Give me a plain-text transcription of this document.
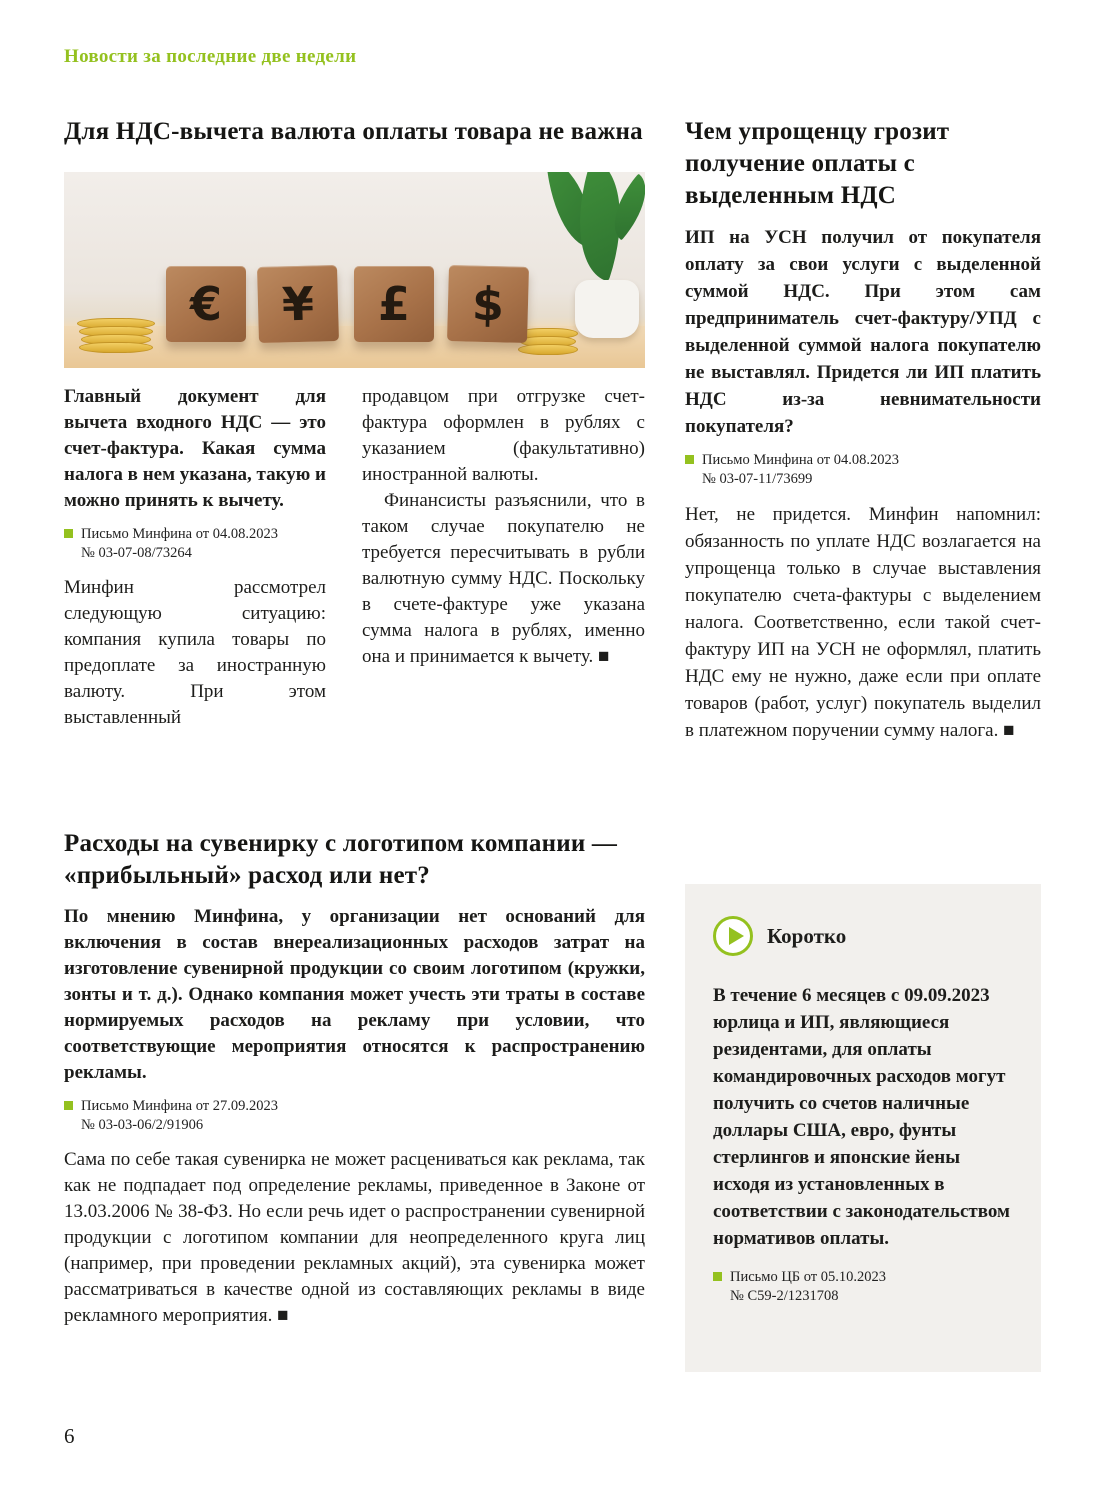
Новости за последние две недели
Для НДС-вычета валюта оплаты товара не важна
€ ¥ £ $

Главный документ для вычета входного НДС — это счет-фактура. Какая сумма налога в нем указана, такую и можно принять к вычету.

Письмо Минфина от 04.08.2023
№ 03-07-08/73264

Минфин рассмотрел следующую ситуацию: компания купила товары по предоплате за иностранную валюту. При этом выставленный

продавцом при отгрузке счет-фактура оформлен в рублях с указанием (факультативно) иностранной валюты.

Финансисты разъяснили, что в таком случае покупателю не требуется пересчитывать в рубли валютную сумму НДС. Поскольку в счете-фактуре уже указана сумма налога в рублях, именно она и принимается к вычету. ■

Расходы на сувенирку с логотипом компании — «прибыльный» расход или нет?

По мнению Минфина, у организации нет оснований для включения в состав внереализационных расходов затрат на изготовление сувенирной продукции со своим логотипом (кружки, зонты и т. д.). Однако компания может учесть эти траты в составе нормируемых расходов на рекламу при условии, что соответствующие мероприятия относятся к распространению рекламы.

Письмо Минфина от 27.09.2023
№ 03-03-06/2/91906

Сама по себе такая сувенирка не может расцениваться как реклама, так как не подпадает под определение рекламы, приведенное в Законе от 13.03.2006 № 38-ФЗ. Но если речь идет о распространении сувенирной продукции с логотипом компании для неопределенного круга лиц (например, при проведении рекламных акций), эта сувенирка может рассматриваться в качестве одной из составляющих рекламы в виде рекламного мероприятия. ■

Чем упрощенцу грозит получение оплаты с выделенным НДС

ИП на УСН получил от покупателя оплату за свои услуги с выделенной суммой НДС. При этом сам предприниматель счет-фактуру/УПД с выделенной суммой налога покупателю не выставлял. Придется ли ИП платить НДС из-за невнимательности покупателя?

Письмо Минфина от 04.08.2023
№ 03-07-11/73699

Нет, не придется. Минфин напомнил: обязанность по уплате НДС возлагается на упрощенца только в случае выставления покупателю счета-фактуры с выделением налога. Соответственно, если такой счет-фактуру ИП на УСН не оформлял, платить НДС ему не нужно, даже если при оплате товаров (работ, услуг) покупатель выделил в платежном поручении сумму налога. ■

Коротко

В течение 6 месяцев с 09.09.2023 юрлица и ИП, являющиеся резидентами, для оплаты командировочных расходов могут получить со счетов наличные доллары США, евро, фунты стерлингов и японские йены исходя из установленных в соответствии с законодательством нормативов оплаты.

Письмо ЦБ от 05.10.2023
№ С59-2/1231708
6
